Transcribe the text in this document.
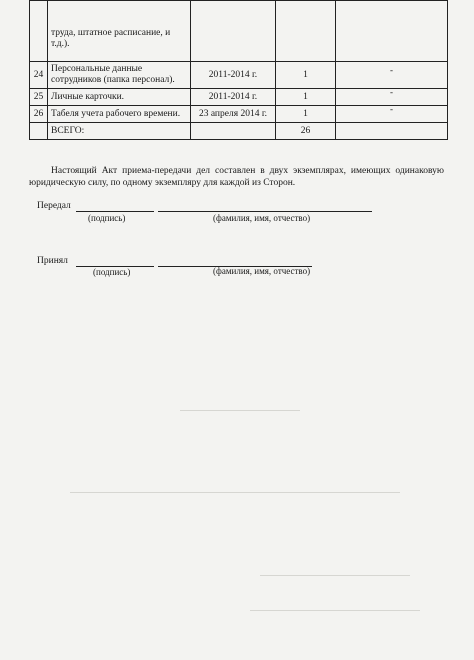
	труда, штатное расписание, и т.д.).			
24	Персональные данные сотрудников (папка персонал).	2011-2014 г.	1	-
25	Личные карточки.	2011-2014 г.	1	-
26	Табеля учета рабочего времени.	23 апреля 2014 г.	1	-
	ВСЕГО:		26	

Настоящий Акт приема-передачи дел составлен в двух экземплярах, имеющих одинаковую юридическую силу, по одному экземпляру для каждой из Сторон.

Передал
(подпись)	(фамилия, имя, отчество)
Принял
(подпись)	(фамилия, имя, отчество)
